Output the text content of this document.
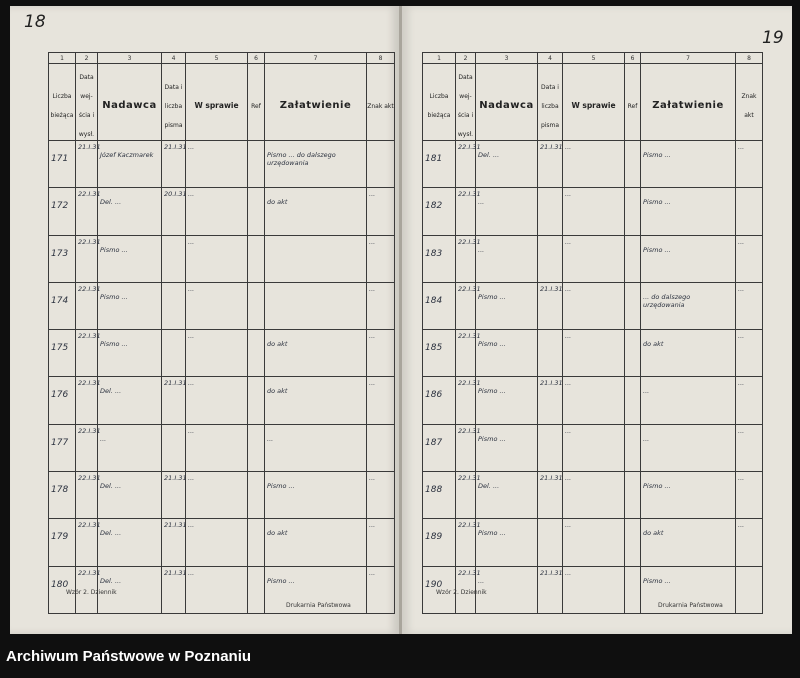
18
1	2	3	4	5	6	7	8
Liczba bieżąca	Data wej-ścia i wysł.	Nadawca	Data i liczba pisma	W sprawie	Ref	Załatwienie	Znak akt

171	21.I.31	Józef Kaczmarek	21.I.31	...		Pismo ... do dalszego urzędowania	

172	22.I.31	Del. ...	20.I.31	...		do akt	...

173	22.I.31	Pismo ...		...			...

174	22.I.31	Pismo ...		...			...

175	22.I.31	Pismo ...		...		do akt	...

176	22.I.31	Del. ...	21.I.31	...		do akt	...

177	22.I.31	...		...		...	

178	22.I.31	Del. ...	21.I.31	...		Pismo ...	...

179	22.I.31	Del. ...	21.I.31	...		do akt	...

180	22.I.31	Del. ...	21.I.31	...		Pismo ...	...
Wzór 2. Dziennik
Drukarnia Państwowa
19
1	2	3	4	5	6	7	8
Liczba bieżąca	Data wej-ścia i wysł.	Nadawca	Data i liczba pisma	W sprawie	Ref	Załatwienie	Znak akt

181	22.I.31	Del. ...	21.I.31	...		Pismo ...	...

182	22.I.31	...		...		Pismo ...	

183	22.I.31	...		...		Pismo ...	...

184	22.I.31	Pismo ...	21.I.31	...		... do dalszego urzędowania	...

185	22.I.31	Pismo ...		...		do akt	...

186	22.I.31	Pismo ...	21.I.31	...		...	...

187	22.I.31	Pismo ...		...		...	...

188	22.I.31	Del. ...	21.I.31	...		Pismo ...	...

189	22.I.31	Pismo ...		...		do akt	...

190	22.I.31	...	21.I.31	...		Pismo ...	

Wzór 2. Dziennik
Drukarnia Państwowa
Archiwum Państwowe w Poznaniu
